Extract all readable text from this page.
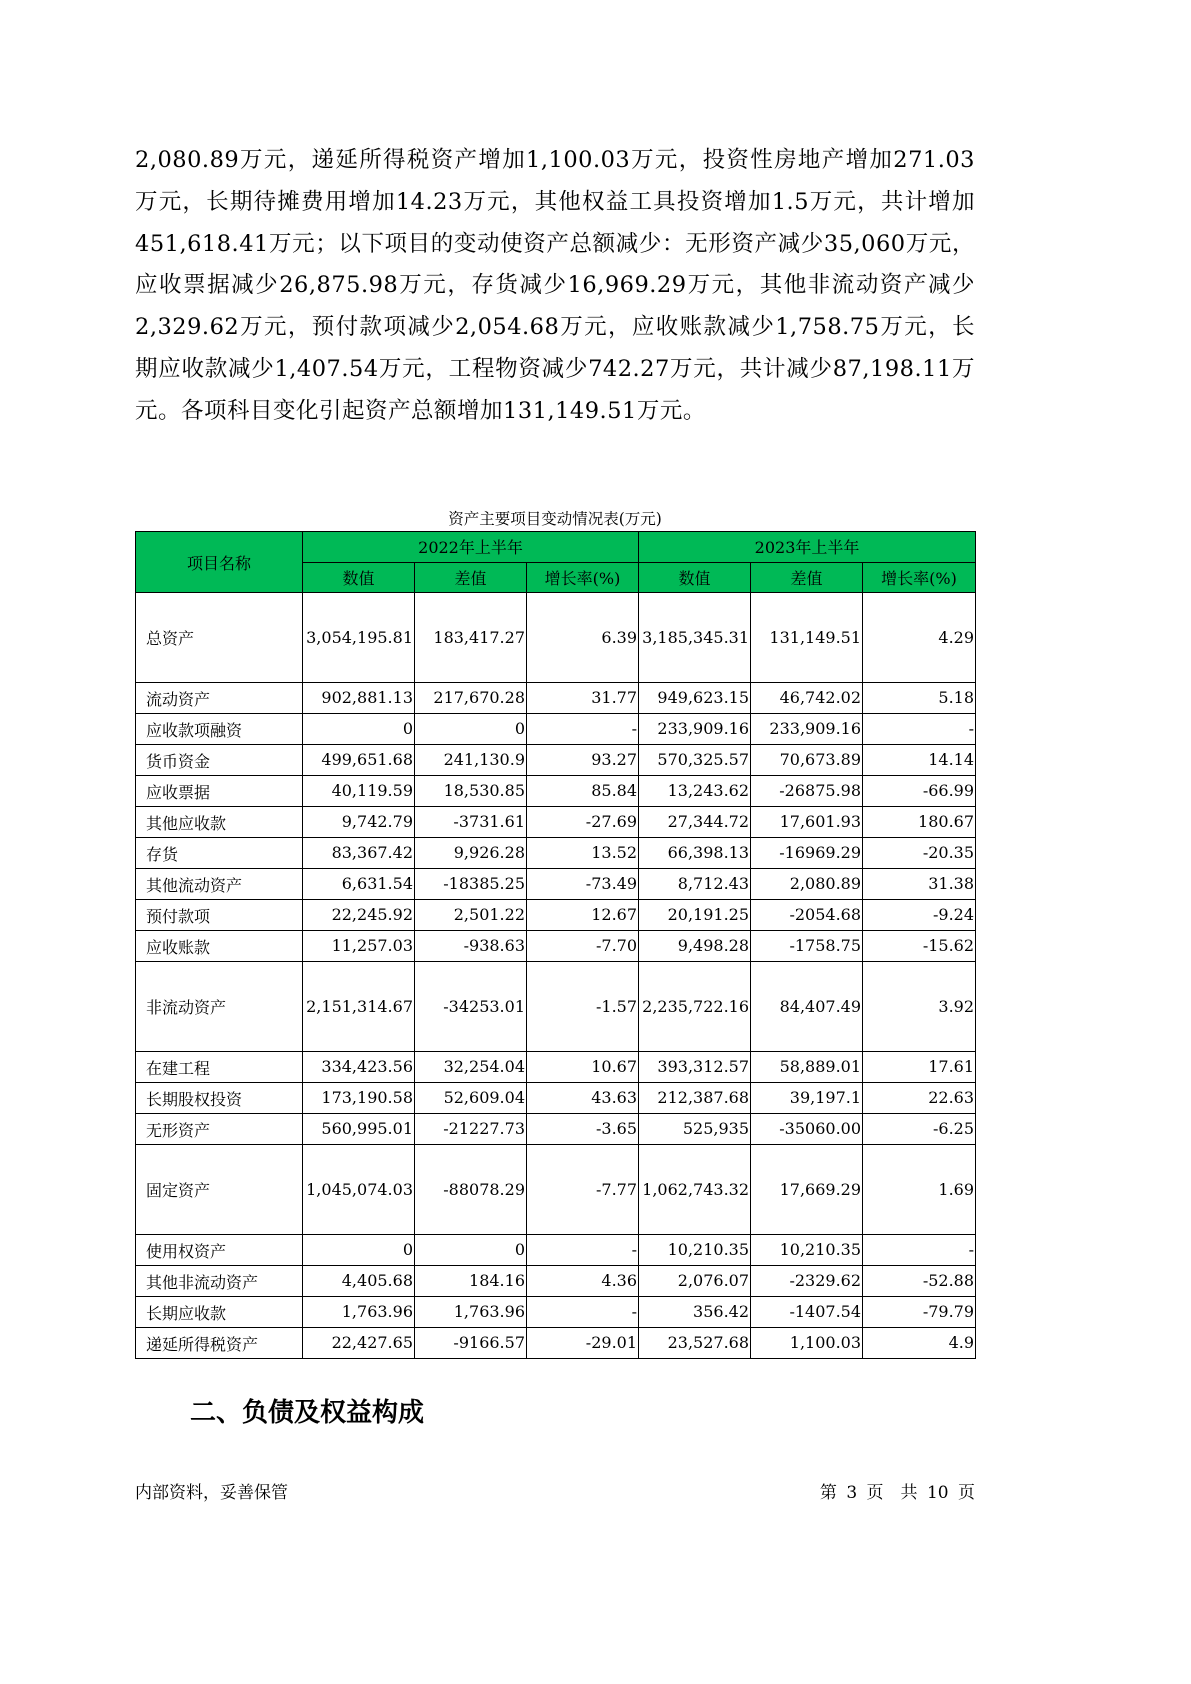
2,080.89万元，递延所得税资产增加1,100.03万元，投资性房地产增加271.03万元，长期待摊费用增加14.23万元，其他权益工具投资增加1.5万元，共计增加451,618.41万元；以下项目的变动使资产总额减少：无形资产减少35,060万元，应收票据减少26,875.98万元，存货减少16,969.29万元，其他非流动资产减少2,329.62万元，预付款项减少2,054.68万元，应收账款减少1,758.75万元，长期应收款减少1,407.54万元，工程物资减少742.27万元，共计减少87,198.11万元。各项科目变化引起资产总额增加131,149.51万元。

资产主要项目变动情况表(万元)
项目名称	2022年上半年			2023年上半年		
	数值	差值	增长率(%)	数值	差值	增长率(%)
总资产	3,054,195.81	183,417.27	6.39	3,185,345.31	131,149.51	4.29
流动资产	902,881.13	217,670.28	31.77	949,623.15	46,742.02	5.18
应收款项融资	0	0	-	233,909.16	233,909.16	-
货币资金	499,651.68	241,130.9	93.27	570,325.57	70,673.89	14.14
应收票据	40,119.59	18,530.85	85.84	13,243.62	-26875.98	-66.99
其他应收款	9,742.79	-3731.61	-27.69	27,344.72	17,601.93	180.67
存货	83,367.42	9,926.28	13.52	66,398.13	-16969.29	-20.35
其他流动资产	6,631.54	-18385.25	-73.49	8,712.43	2,080.89	31.38
预付款项	22,245.92	2,501.22	12.67	20,191.25	-2054.68	-9.24
应收账款	11,257.03	-938.63	-7.70	9,498.28	-1758.75	-15.62
非流动资产	2,151,314.67	-34253.01	-1.57	2,235,722.16	84,407.49	3.92
在建工程	334,423.56	32,254.04	10.67	393,312.57	58,889.01	17.61
长期股权投资	173,190.58	52,609.04	43.63	212,387.68	39,197.1	22.63
无形资产	560,995.01	-21227.73	-3.65	525,935	-35060.00	-6.25
固定资产	1,045,074.03	-88078.29	-7.77	1,062,743.32	17,669.29	1.69
使用权资产	0	0	-	10,210.35	10,210.35	-
其他非流动资产	4,405.68	184.16	4.36	2,076.07	-2329.62	-52.88
长期应收款	1,763.96	1,763.96	-	356.42	-1407.54	-79.79
递延所得税资产	22,427.65	-9166.57	-29.01	23,527.68	1,100.03	4.9
二、负债及权益构成
内部资料，妥善保管	第 3 页　共 10 页
